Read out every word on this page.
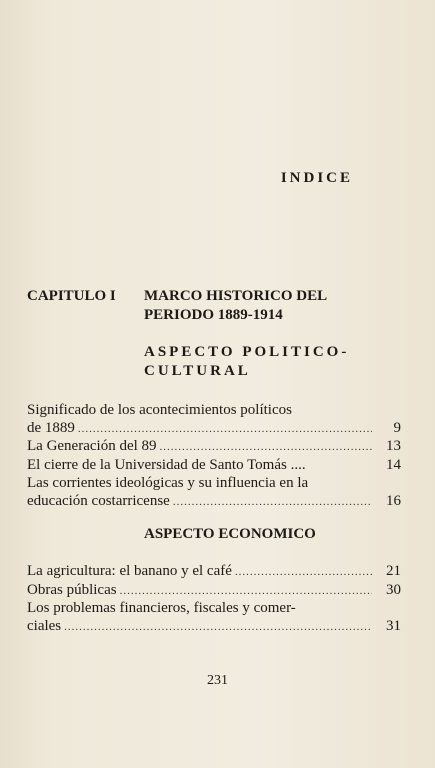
INDICE
CAPITULO I MARCO HISTORICO DEL PERIODO 1889-1914
ASPECTO POLITICO-CULTURAL
Significado de los acontecimientos políticos
de 1889 .....	9
La Generación del 89 .....	13
El cierre de la Universidad de Santo Tomás ....	14
Las corrientes ideológicas y su influencia en la
educación costarricense .....	16
ASPECTO ECONOMICO
La agricultura: el banano y el café .....	21
Obras públicas .....	30
Los problemas financieros, fiscales y comer-
ciales .....	31
231
